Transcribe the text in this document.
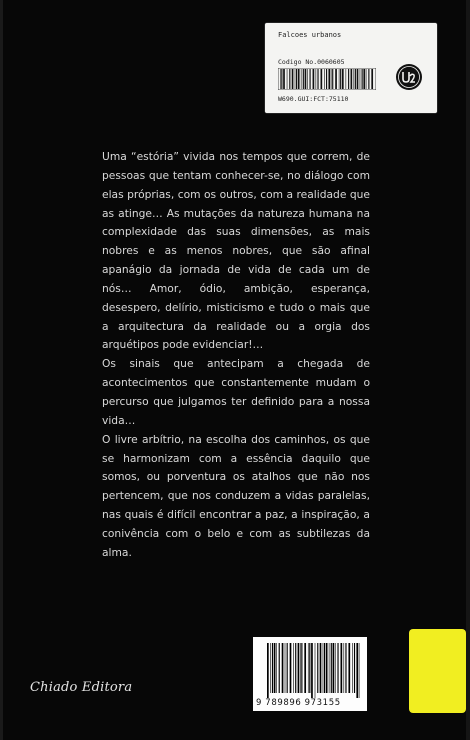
Falcoes urbanos
Codigo No.0060605
W690.GUI:FCT:75110

Uma “estória” vivida nos tempos que correm, de pessoas que tentam conhecer-se, no diálogo com elas próprias, com os outros, com a realidade que as atinge… As mutações da natureza humana na complexidade das suas dimensões, as mais nobres e as menos nobres, que são afinal apanágio da jornada de vida de cada um de nós… Amor, ódio, ambição, esperança, desespero, delírio, misticismo e tudo o mais que a arquitectura da realidade ou a orgia dos arquétipos pode evidenciar!…

Os sinais que antecipam a chegada de acontecimentos que constantemente mudam o percurso que julgamos ter definido para a nossa vida…

O livre arbítrio, na escolha dos caminhos, os que se harmonizam com a essência daquilo que somos, ou porventura os atalhos que não nos pertencem, que nos conduzem a vidas paralelas, nas quais é difícil encontrar a paz, a inspiração, a conivência com o belo e com as subtilezas da alma.

Chiado Editora
9 789896 973155
